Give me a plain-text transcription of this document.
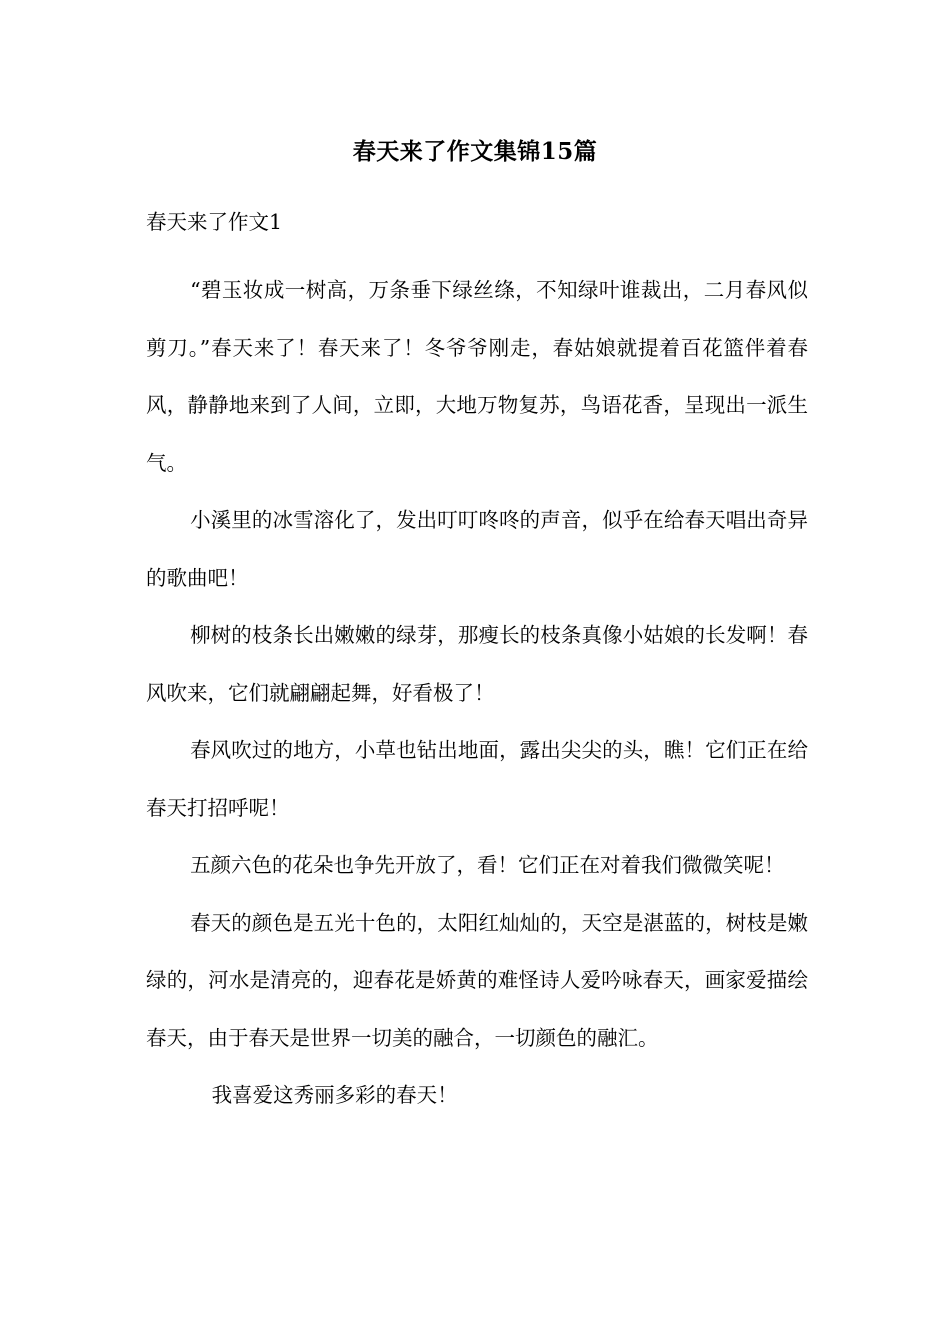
春天来了作文集锦15篇
春天来了作文1

“碧玉妆成一树高，万条垂下绿丝绦，不知绿叶谁裁出，二月春风似剪刀。”春天来了！春天来了！冬爷爷刚走，春姑娘就提着百花篮伴着春风，静静地来到了人间，立即，大地万物复苏，鸟语花香，呈现出一派生气。

小溪里的冰雪溶化了，发出叮叮咚咚的声音，似乎在给春天唱出奇异的歌曲吧！

柳树的枝条长出嫩嫩的绿芽，那瘦长的枝条真像小姑娘的长发啊！春风吹来，它们就翩翩起舞，好看极了！

春风吹过的地方，小草也钻出地面，露出尖尖的头，瞧！它们正在给春天打招呼呢！

五颜六色的花朵也争先开放了，看！它们正在对着我们微微笑呢！

春天的颜色是五光十色的，太阳红灿灿的，天空是湛蓝的，树枝是嫩绿的，河水是清亮的，迎春花是娇黄的难怪诗人爱吟咏春天，画家爱描绘春天，由于春天是世界一切美的融合，一切颜色的融汇。

我喜爱这秀丽多彩的春天！
